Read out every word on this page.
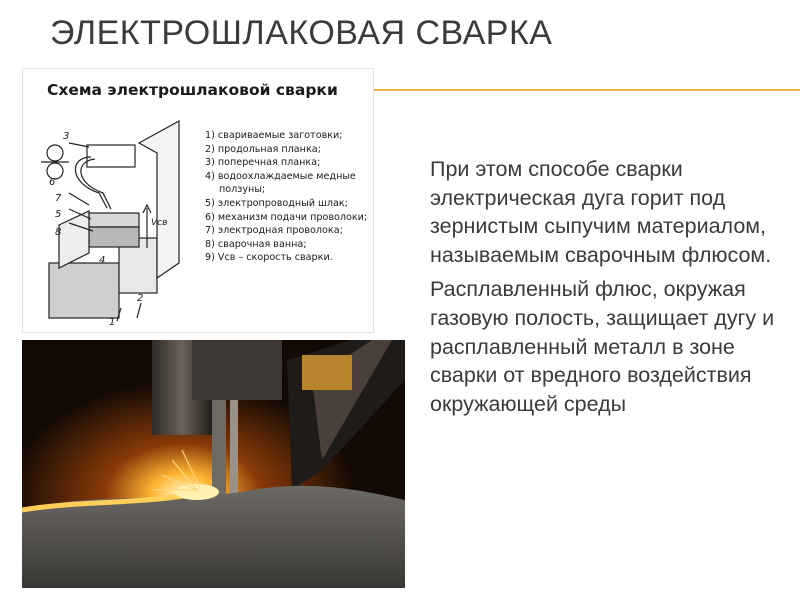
ЭЛЕКТРОШЛАКОВАЯ СВАРКА
Схема электрошлаковой сварки
3
6
7
5
8
4
2
1
Vсв
1) свариваемые заготовки;
2) продольная планка;
3) поперечная планка;
4) водоохлаждаемые медные
ползуны;
5) электропроводный шлак;
6) механизм подачи проволоки;
7) электродная проволока;
8) сварочная ванна;
9) Vсв – скорость сварки.

При этом способе сварки электрическая дуга горит под зернистым сыпучим материалом, называемым сварочным флюсом.

Расплавленный флюс, окружая газовую полость, защищает дугу и расплавленный металл в зоне сварки от вредного воздействия окружающей среды
